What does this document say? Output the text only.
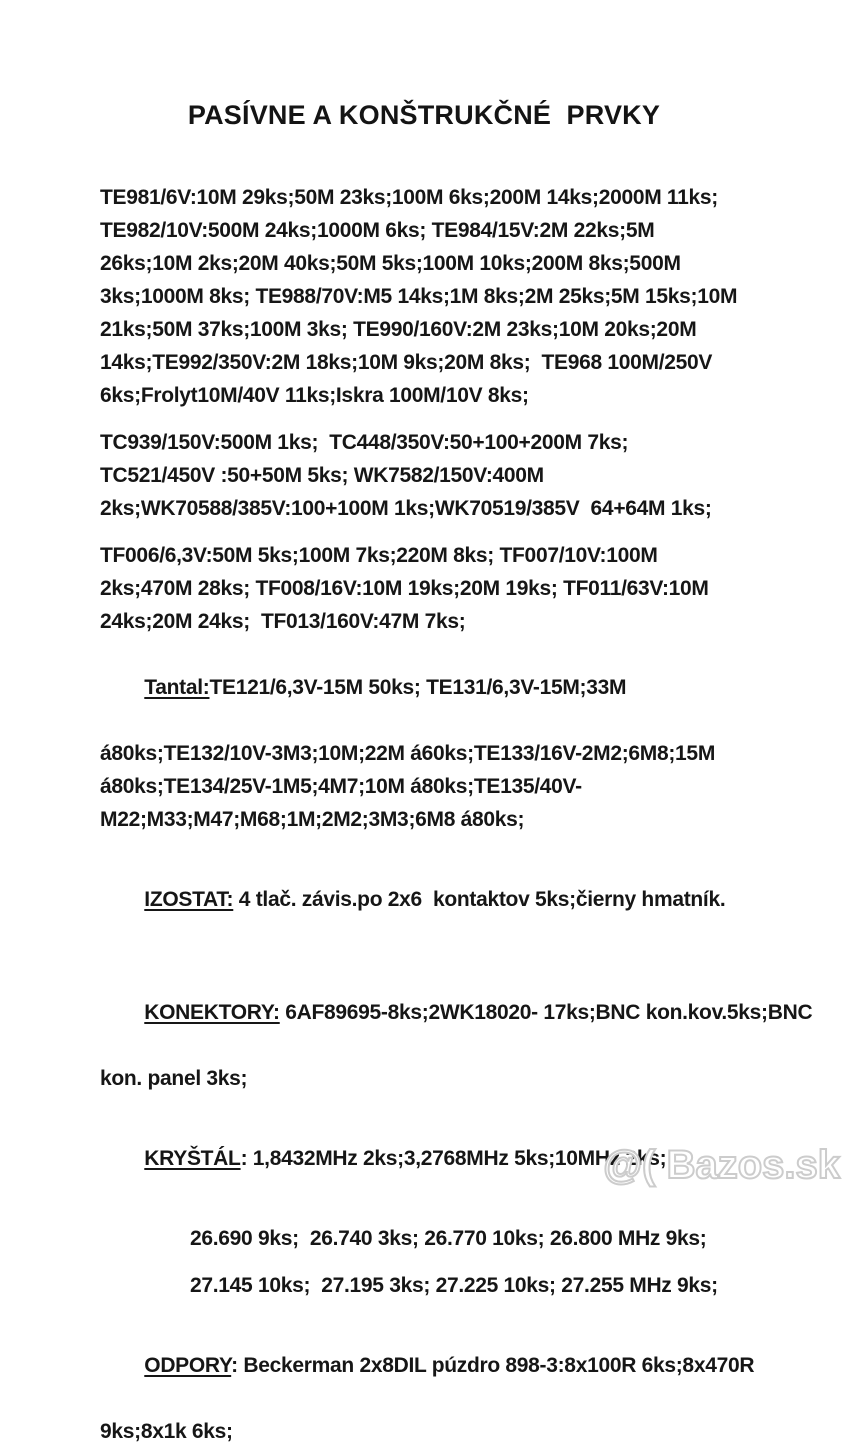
PASÍVNE A KONŠTRUKČNÉ  PRVKY
TE981/6V:10M 29ks;50M 23ks;100M 6ks;200M 14ks;2000M 11ks;
TE982/10V:500M 24ks;1000M 6ks; TE984/15V:2M 22ks;5M
26ks;10M 2ks;20M 40ks;50M 5ks;100M 10ks;200M 8ks;500M
3ks;1000M 8ks; TE988/70V:M5 14ks;1M 8ks;2M 25ks;5M 15ks;10M
21ks;50M 37ks;100M 3ks; TE990/160V:2M 23ks;10M 20ks;20M
14ks;TE992/350V:2M 18ks;10M 9ks;20M 8ks;  TE968 100M/250V
6ks;Frolyt10M/40V 11ks;Iskra 100M/10V 8ks;
TC939/150V:500M 1ks;  TC448/350V:50+100+200M 7ks;
TC521/450V :50+50M 5ks; WK7582/150V:400M
2ks;WK70588/385V:100+100M 1ks;WK70519/385V  64+64M 1ks;
TF006/6,3V:50M 5ks;100M 7ks;220M 8ks; TF007/10V:100M
2ks;470M 28ks; TF008/16V:10M 19ks;20M 19ks; TF011/63V:10M
24ks;20M 24ks;  TF013/160V:47M 7ks;

Tantal:TE121/6,3V-15M 50ks; TE131/6,3V-15M;33M

á80ks;TE132/10V-3M3;10M;22M á60ks;TE133/16V-2M2;6M8;15M
á80ks;TE134/25V-1M5;4M7;10M á80ks;TE135/40V-
M22;M33;M47;M68;1M;2M2;3M3;6M8 á80ks;

IZOSTAT: 4 tlač. závis.po 2x6  kontaktov 5ks;čierny hmatník.

KONEKTORY: 6AF89695-8ks;2WK18020- 17ks;BNC kon.kov.5ks;BNC

kon. panel 3ks;

KRYŠTÁL: 1,8432MHz 2ks;3,2768MHz 5ks;10MHz 2ks;

26.690 9ks;  26.740 3ks; 26.770 10ks; 26.800 MHz 9ks;
27.145 10ks;  27.195 3ks; 27.225 10ks; 27.255 MHz 9ks;

ODPORY: Beckerman 2x8DIL púzdro 898-3:8x100R 6ks;8x470R

9ks;8x1k 6ks;
@( Bazos.sk
